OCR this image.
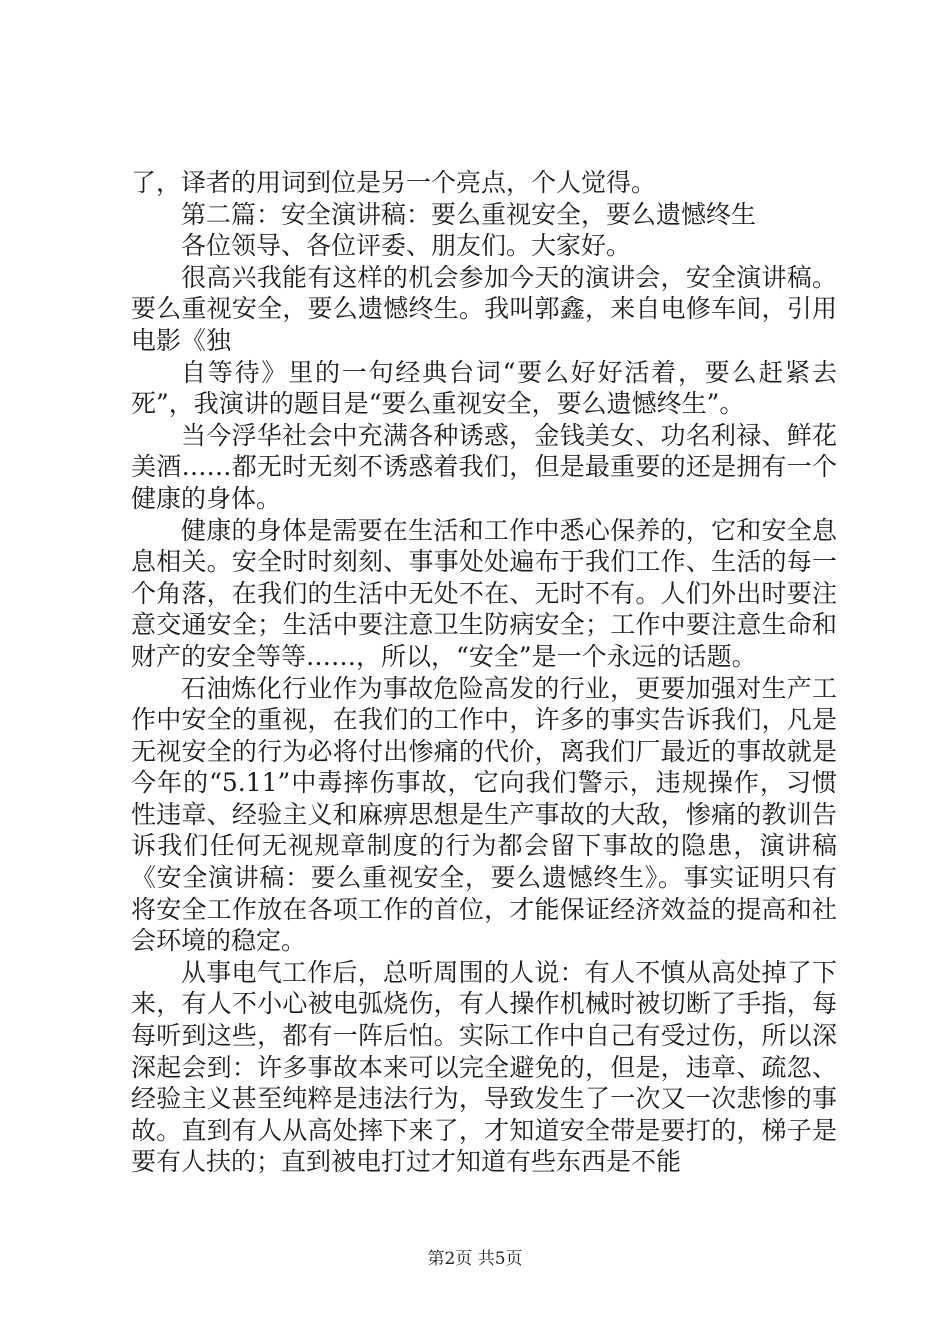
了，译者的用词到位是另一个亮点，个人觉得。

第二篇：安全演讲稿：要么重视安全，要么遗憾终生

各位领导、各位评委、朋友们。大家好。

很高兴我能有这样的机会参加今天的演讲会，安全演讲稿。要么重视安全，要么遗憾终生。我叫郭鑫，来自电修车间，引用电影《独

自等待》里的一句经典台词“要么好好活着，要么赶紧去死”，我演讲的题目是“要么重视安全，要么遗憾终生”。

当今浮华社会中充满各种诱惑，金钱美女、功名利禄、鲜花美酒……都无时无刻不诱惑着我们，但是最重要的还是拥有一个健康的身体。

健康的身体是需要在生活和工作中悉心保养的，它和安全息息相关。安全时时刻刻、事事处处遍布于我们工作、生活的每一个角落，在我们的生活中无处不在、无时不有。人们外出时要注意交通安全；生活中要注意卫生防病安全；工作中要注意生命和财产的安全等等……，所以，“安全”是一个永远的话题。

石油炼化行业作为事故危险高发的行业，更要加强对生产工作中安全的重视，在我们的工作中，许多的事实告诉我们，凡是无视安全的行为必将付出惨痛的代价，离我们厂最近的事故就是今年的“5.11”中毒摔伤事故，它向我们警示，违规操作，习惯性违章、经验主义和麻痹思想是生产事故的大敌，惨痛的教训告诉我们任何无视规章制度的行为都会留下事故的隐患，演讲稿《安全演讲稿：要么重视安全，要么遗憾终生》。事实证明只有将安全工作放在各项工作的首位，才能保证经济效益的提高和社会环境的稳定。

从事电气工作后，总听周围的人说：有人不慎从高处掉了下来，有人不小心被电弧烧伤，有人操作机械时被切断了手指，每每听到这些，都有一阵后怕。实际工作中自己有受过伤，所以深深起会到：许多事故本来可以完全避免的，但是，违章、疏忽、经验主义甚至纯粹是违法行为，导致发生了一次又一次悲惨的事故。直到有人从高处摔下来了，才知道安全带是要打的，梯子是要有人扶的；直到被电打过才知道有些东西是不能

第2页 共5页
